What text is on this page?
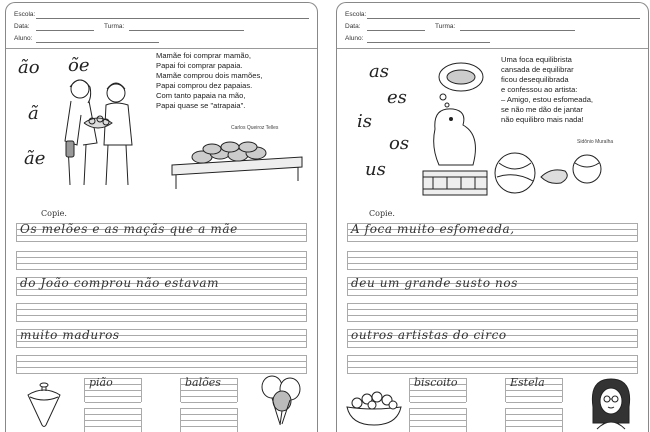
Escola:
Data:	Turma:
Aluno:
ão õe
ã
ãe
Mamãe foi comprar mamão,
Papai foi comprar papaia.
Mamãe comprou dois mamões,
Papai comprou dez papaias.
Com tanto papaia na mão,
Papai quase se "atrapaia".
Carlos Queiroz Telles
Copie.
Os melões e as maçãs que a mãe
do João comprou não estavam
muito maduros
pião	balões
Escola:
Data:	Turma:
Aluno:
as
es
is
os
us
Uma foca equilibrista
cansada de equilibrar
ficou desequilibrada
e confessou ao artista:
– Amigo, estou esfomeada,
se não me dão de jantar
não equilibro mais nada!
Sidônio Muralha
Copie.
A foca muito esfomeada,
deu um grande susto nos
outros artistas do circo
biscoito	Estela
